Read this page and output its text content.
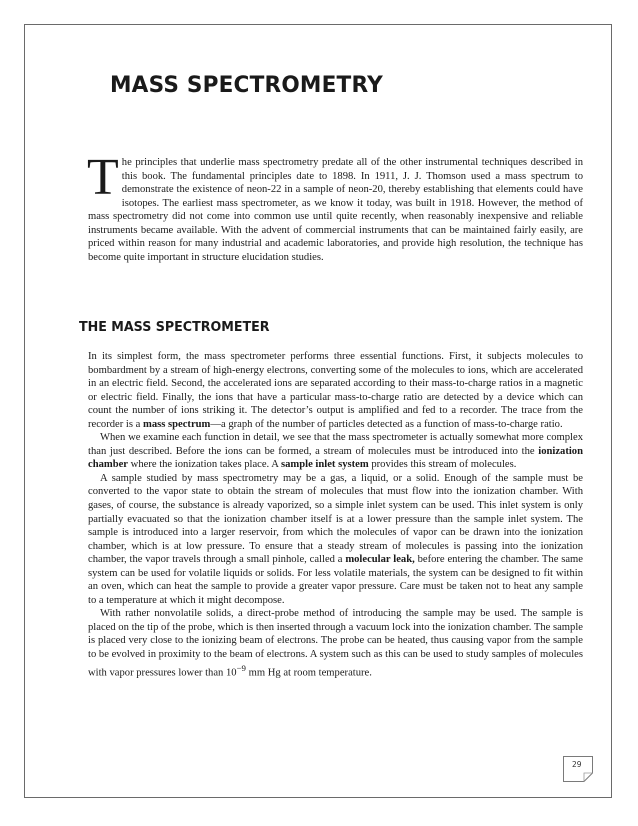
MASS SPECTROMETRY
The principles that underlie mass spectrometry predate all of the other instrumental techniques described in this book. The fundamental principles date to 1898. In 1911, J. J. Thomson used a mass spectrum to demonstrate the existence of neon-22 in a sample of neon-20, thereby establishing that elements could have isotopes. The earliest mass spectrometer, as we know it today, was built in 1918. However, the method of mass spectrometry did not come into common use until quite recently, when reasonably inexpensive and reliable instruments became available. With the advent of commercial instruments that can be maintained fairly easily, are priced within reason for many industrial and academic laboratories, and provide high resolution, the technique has become quite important in structure elucidation studies.
THE MASS SPECTROMETER

In its simplest form, the mass spectrometer performs three essential functions. First, it subjects molecules to bombardment by a stream of high-energy electrons, converting some of the molecules to ions, which are accelerated in an electric field. Second, the accelerated ions are separated according to their mass-to-charge ratios in a magnetic or electric field. Finally, the ions that have a particular mass-to-charge ratio are detected by a device which can count the number of ions striking it. The detector’s output is amplified and fed to a recorder. The trace from the recorder is a mass spectrum—a graph of the number of particles detected as a function of mass-to-charge ratio.

When we examine each function in detail, we see that the mass spectrometer is actually somewhat more complex than just described. Before the ions can be formed, a stream of molecules must be introduced into the ionization chamber where the ionization takes place. A sample inlet system provides this stream of molecules.

A sample studied by mass spectrometry may be a gas, a liquid, or a solid. Enough of the sample must be converted to the vapor state to obtain the stream of molecules that must flow into the ionization chamber. With gases, of course, the substance is already vaporized, so a simple inlet system can be used. This inlet system is only partially evacuated so that the ionization chamber itself is at a lower pressure than the sample inlet system. The sample is introduced into a larger reservoir, from which the molecules of vapor can be drawn into the ionization chamber, which is at low pressure. To ensure that a steady stream of molecules is passing into the ionization chamber, the vapor travels through a small pinhole, called a molecular leak, before entering the chamber. The same system can be used for volatile liquids or solids. For less volatile materials, the system can be designed to fit within an oven, which can heat the sample to provide a greater vapor pressure. Care must be taken not to heat any sample to a temperature at which it might decompose.

With rather nonvolatile solids, a direct-probe method of introducing the sample may be used. The sample is placed on the tip of the probe, which is then inserted through a vacuum lock into the ionization chamber. The sample is placed very close to the ionizing beam of electrons. The probe can be heated, thus causing vapor from the sample to be evolved in proximity to the beam of electrons. A system such as this can be used to study samples of molecules with vapor pressures lower than $10^{-9}$ mm Hg at room temperature.

29
